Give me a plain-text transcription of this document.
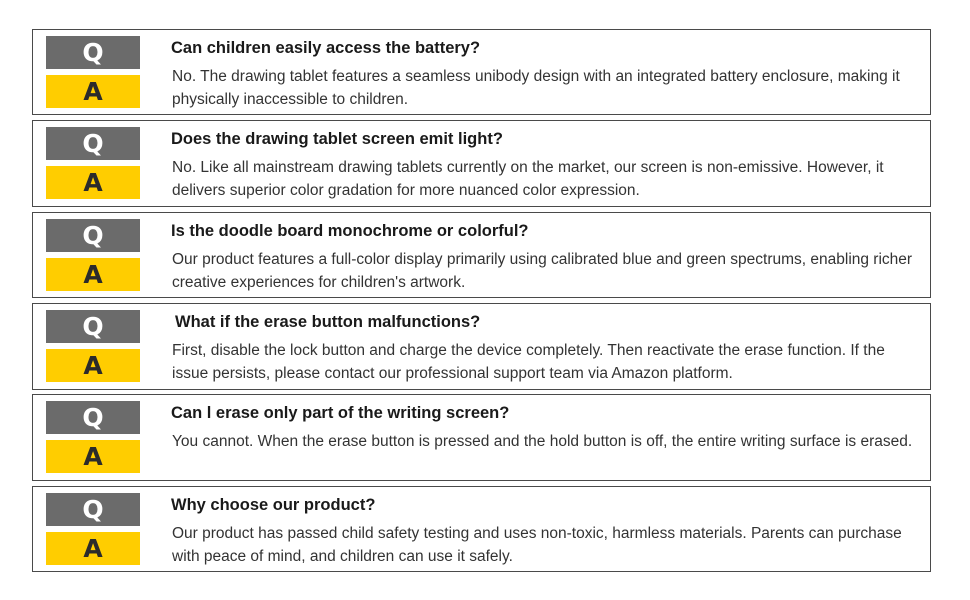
Q
A
Can children easily access the battery?
No. The drawing tablet features a seamless unibody design with an integrated battery enclosure, making it physically inaccessible to children.
Q
A
Does the drawing tablet screen emit light?
No. Like all mainstream drawing tablets currently on the market, our screen is non-emissive. However, it delivers superior color gradation for more nuanced color expression.
Q
A
Is the doodle board monochrome or colorful?
Our product features a full-color display primarily using calibrated blue and green spectrums, enabling richer creative experiences for children's artwork.
Q
A
What if the erase button malfunctions?
First, disable the lock button and charge the device completely. Then reactivate the erase function. If the issue persists, please contact our professional support team via Amazon platform.
Q
A
Can l erase only part of the writing screen?
You cannot. When the erase button is pressed and the hold button is off, the entire writing surface is erased.
Q
A
Why choose our product?
Our product has passed child safety testing and uses non-toxic, harmless materials. Parents can purchase with peace of mind, and children can use it safely.
